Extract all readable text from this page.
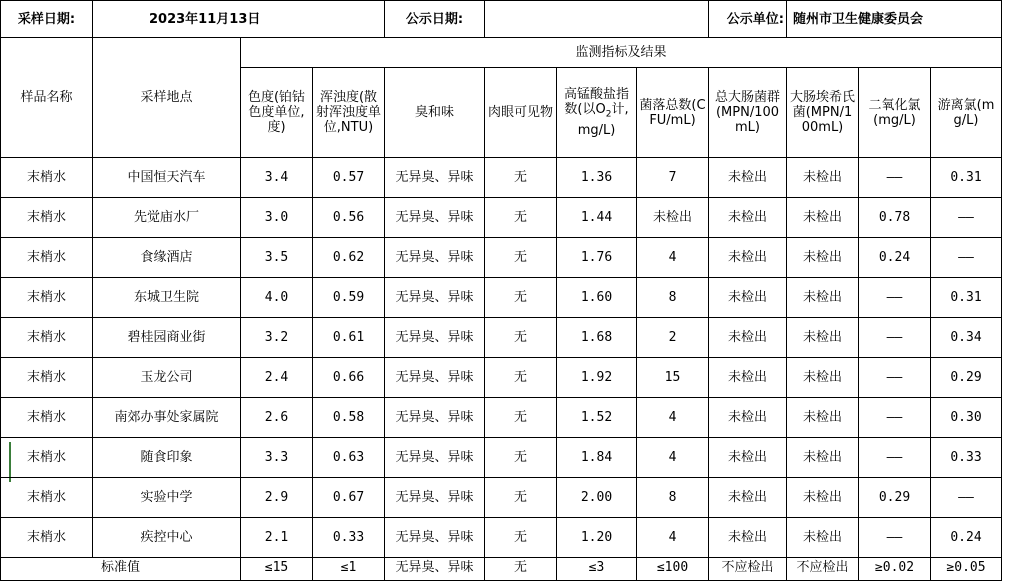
采样日期:	2023年11月13日			公示日期:				公示单位:	随州市卫生健康委员会		
样品名称	采样地点	监测指标及结果									
		色度(铂钴色度单位,度)	浑浊度(散射浑浊度单位,NTU)	臭和味	肉眼可见物	高锰酸盐指数(以$O_2$计,mg/L)	菌落总数(CFU/mL)	总大肠菌群(MPN/100mL)	大肠埃希氏菌(MPN/100mL)	二氧化氯(mg/L)	游离氯(mg/L)
末梢水	中国恒天汽车	3.4	0.57	无异臭、异味	无	1.36	7	未检出	未检出	——	0.31
末梢水	先觉庙水厂	3.0	0.56	无异臭、异味	无	1.44	未检出	未检出	未检出	0.78	——
末梢水	食缘酒店	3.5	0.62	无异臭、异味	无	1.76	4	未检出	未检出	0.24	——
末梢水	东城卫生院	4.0	0.59	无异臭、异味	无	1.60	8	未检出	未检出	——	0.31
末梢水	碧桂园商业街	3.2	0.61	无异臭、异味	无	1.68	2	未检出	未检出	——	0.34
末梢水	玉龙公司	2.4	0.66	无异臭、异味	无	1.92	15	未检出	未检出	——	0.29
末梢水	南郊办事处家属院	2.6	0.58	无异臭、异味	无	1.52	4	未检出	未检出	——	0.30
末梢水	随食印象	3.3	0.63	无异臭、异味	无	1.84	4	未检出	未检出	——	0.33
末梢水	实验中学	2.9	0.67	无异臭、异味	无	2.00	8	未检出	未检出	0.29	——
末梢水	疾控中心	2.1	0.33	无异臭、异味	无	1.20	4	未检出	未检出	——	0.24
标准值		≤15	≤1	无异臭、异味	无	≤3	≤100	不应检出	不应检出	≥0.02	≥0.05
